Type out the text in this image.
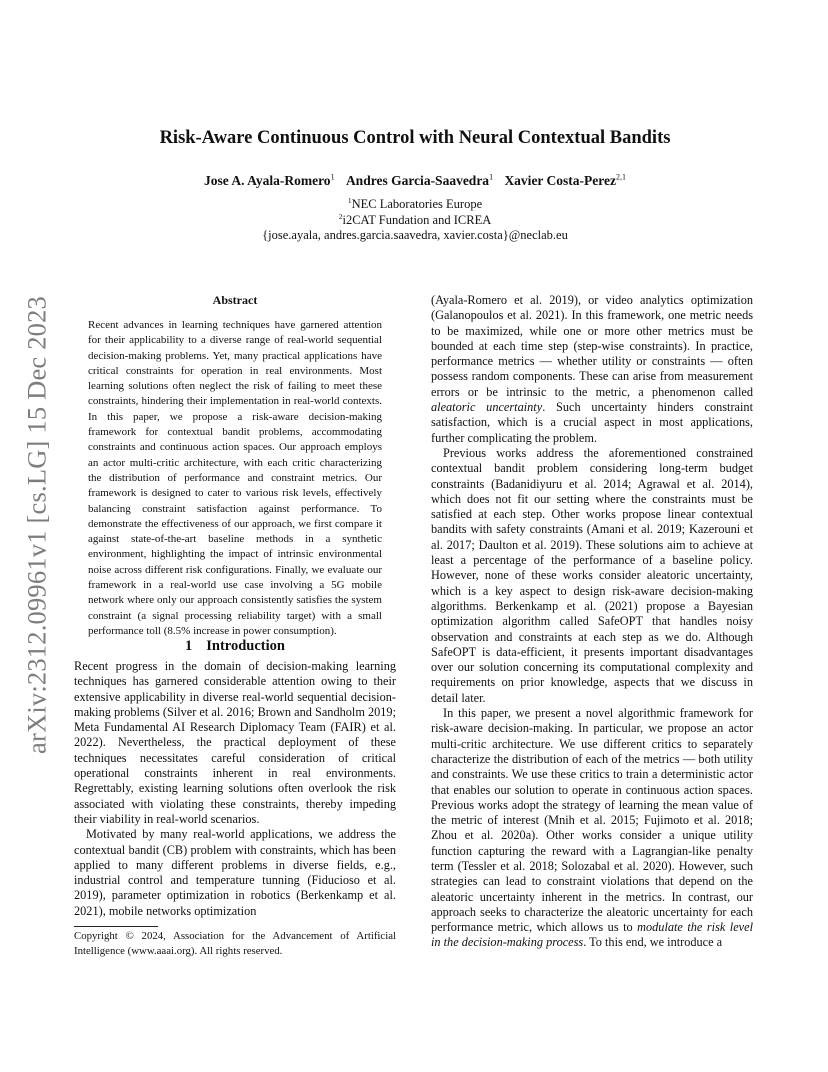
arXiv:2312.09961v1 [cs.LG] 15 Dec 2023
Risk-Aware Continuous Control with Neural Contextual Bandits
Jose A. Ayala-Romero$^1$ Andres Garcia-Saavedra$^1$ Xavier Costa-Perez$^{2,1}$
$^1$NEC Laboratories Europe
$^2$i2CAT Fundation and ICREA
{jose.ayala, andres.garcia.saavedra, xavier.costa}@neclab.eu
Abstract

Recent advances in learning techniques have garnered attention for their applicability to a diverse range of real-world sequential decision-making problems. Yet, many practical applications have critical constraints for operation in real environments. Most learning solutions often neglect the risk of failing to meet these constraints, hindering their implementation in real-world contexts. In this paper, we propose a risk-aware decision-making framework for contextual bandit problems, accommodating constraints and continuous action spaces. Our approach employs an actor multi-critic architecture, with each critic characterizing the distribution of performance and constraint metrics. Our framework is designed to cater to various risk levels, effectively balancing constraint satisfaction against performance. To demonstrate the effectiveness of our approach, we first compare it against state-of-the-art baseline methods in a synthetic environment, highlighting the impact of intrinsic environmental noise across different risk configurations. Finally, we evaluate our framework in a real-world use case involving a 5G mobile network where only our approach consistently satisfies the system constraint (a signal processing reliability target) with a small performance toll (8.5% increase in power consumption).

1 Introduction

Recent progress in the domain of decision-making learning techniques has garnered considerable attention owing to their extensive applicability in diverse real-world sequential decision-making problems (Silver et al. 2016; Brown and Sandholm 2019; Meta Fundamental AI Research Diplomacy Team (FAIR) et al. 2022). Nevertheless, the practical deployment of these techniques necessitates careful consideration of critical operational constraints inherent in real environments. Regrettably, existing learning solutions often overlook the risk associated with violating these constraints, thereby impeding their viability in real-world scenarios.

Motivated by many real-world applications, we address the contextual bandit (CB) problem with constraints, which has been applied to many different problems in diverse fields, e.g., industrial control and temperature tunning (Fiducioso et al. 2019), parameter optimization in robotics (Berkenkamp et al. 2021), mobile networks optimization

Copyright © 2024, Association for the Advancement of Artificial Intelligence (www.aaai.org). All rights reserved.

(Ayala-Romero et al. 2019), or video analytics optimization (Galanopoulos et al. 2021). In this framework, one metric needs to be maximized, while one or more other metrics must be bounded at each time step (step-wise constraints). In practice, performance metrics — whether utility or constraints — often possess random components. These can arise from measurement errors or be intrinsic to the metric, a phenomenon called aleatoric uncertainty. Such uncertainty hinders constraint satisfaction, which is a crucial aspect in most applications, further complicating the problem.

Previous works address the aforementioned constrained contextual bandit problem considering long-term budget constraints (Badanidiyuru et al. 2014; Agrawal et al. 2014), which does not fit our setting where the constraints must be satisfied at each step. Other works propose linear contextual bandits with safety constraints (Amani et al. 2019; Kazerouni et al. 2017; Daulton et al. 2019). These solutions aim to achieve at least a percentage of the performance of a baseline policy. However, none of these works consider aleatoric uncertainty, which is a key aspect to design risk-aware decision-making algorithms. Berkenkamp et al. (2021) propose a Bayesian optimization algorithm called SafeOPT that handles noisy observation and constraints at each step as we do. Although SafeOPT is data-efficient, it presents important disadvantages over our solution concerning its computational complexity and requirements on prior knowledge, aspects that we discuss in detail later.

In this paper, we present a novel algorithmic framework for risk-aware decision-making. In particular, we propose an actor multi-critic architecture. We use different critics to separately characterize the distribution of each of the metrics — both utility and constraints. We use these critics to train a deterministic actor that enables our solution to operate in continuous action spaces. Previous works adopt the strategy of learning the mean value of the metric of interest (Mnih et al. 2015; Fujimoto et al. 2018; Zhou et al. 2020a). Other works consider a unique utility function capturing the reward with a Lagrangian-like penalty term (Tessler et al. 2018; Solozabal et al. 2020). However, such strategies can lead to constraint violations that depend on the aleatoric uncertainty inherent in the metrics. In contrast, our approach seeks to characterize the aleatoric uncertainty for each performance metric, which allows us to modulate the risk level in the decision-making process. To this end, we introduce a
